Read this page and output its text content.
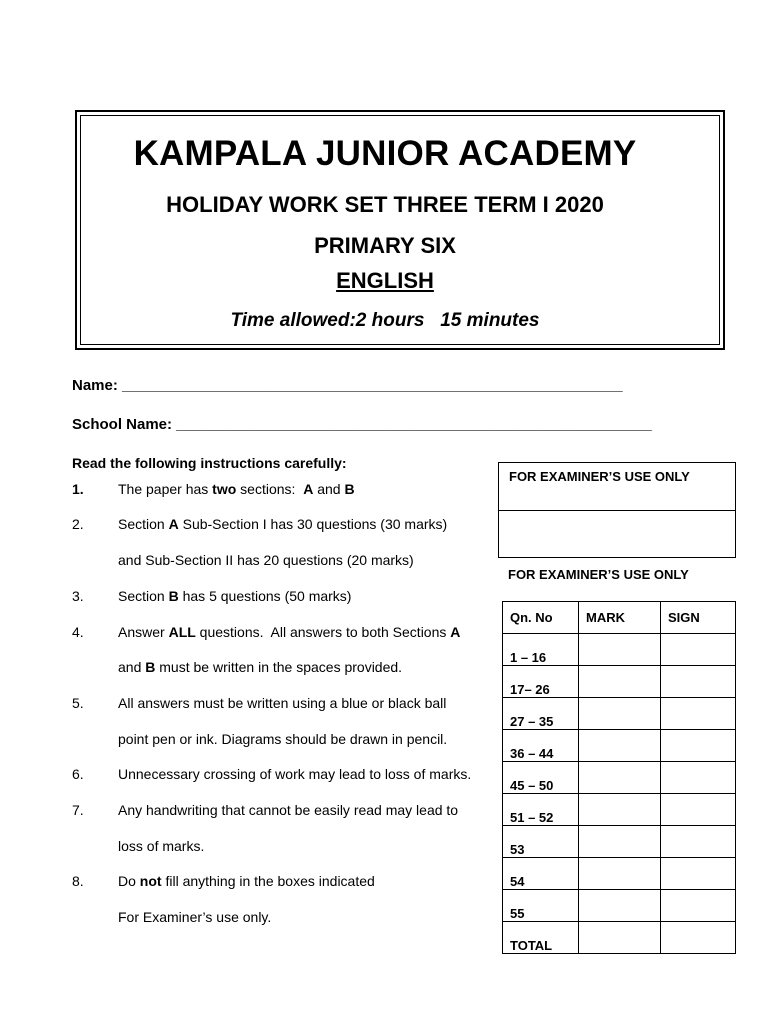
KAMPALA JUNIOR ACADEMY
HOLIDAY WORK SET THREE TERM I 2020
PRIMARY SIX
ENGLISH
Time allowed:2 hours   15 minutes
Name: ____________________________________________________________
School Name: _________________________________________________________
Read the following instructions carefully:
1. The paper has two sections:  A and B
2. Section A Sub-Section I has 30 questions (30 marks)
and Sub-Section II has 20 questions (20 marks)
3. Section B has 5 questions (50 marks)
4. Answer ALL questions.  All answers to both Sections A
and B must be written in the spaces provided.
5. All answers must be written using a blue or black ball
point pen or ink. Diagrams should be drawn in pencil.
6. Unnecessary crossing of work may lead to loss of marks.
7. Any handwriting that cannot be easily read may lead to
loss of marks.
8. Do not fill anything in the boxes indicated
For Examiner’s use only.
FOR EXAMINER’S USE ONLY
FOR EXAMINER’S USE ONLY
Qn. No	MARK	SIGN
1 – 16		
17– 26		
27 – 35		
36 – 44		
45 – 50		
51 – 52		
53		
54		
55		
TOTAL		
